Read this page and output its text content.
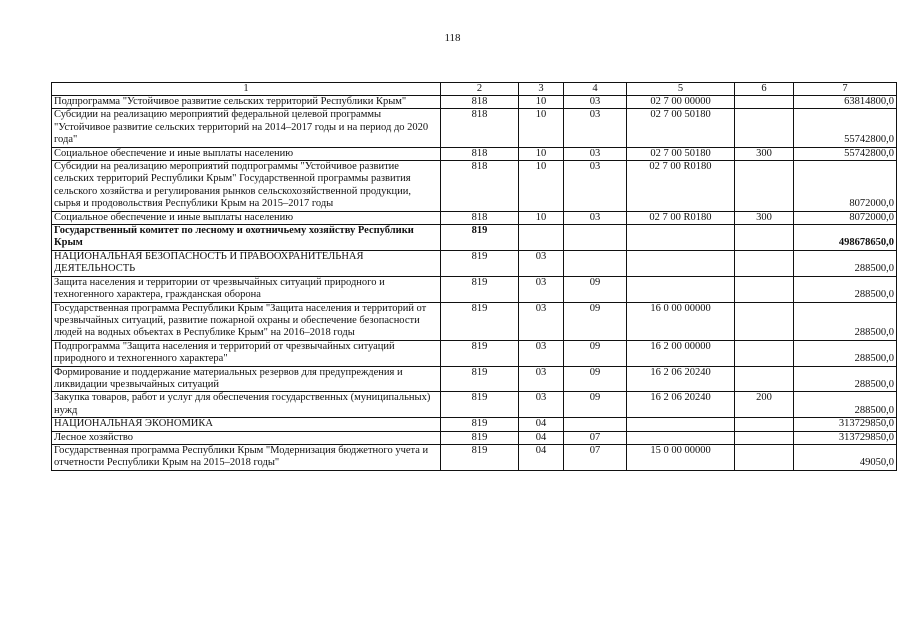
118
1	2	3	4	5	6	7
Подпрограмма "Устойчивое развитие сельских территорий Республики Крым"	818	10	03	02 7 00 00000		63814800,0
Субсидии на реализацию мероприятий федеральной целевой программы "Устойчивое развитие сельских территорий на 2014–2017 годы и на период до 2020 года"	818	10	03	02 7 00 50180		55742800,0
Социальное обеспечение и иные выплаты населению	818	10	03	02 7 00 50180	300	55742800,0
Субсидии на реализацию мероприятий подпрограммы "Устойчивое развитие сельских территорий Республики Крым" Государственной программы развития сельского хозяйства и регулирования рынков сельскохозяйственной продукции, сырья и продовольствия Республики Крым на 2015–2017 годы	818	10	03	02 7 00 R0180		8072000,0
Социальное обеспечение и иные выплаты населению	818	10	03	02 7 00 R0180	300	8072000,0
Государственный комитет по лесному и охотничьему хозяйству Республики Крым	819					498678650,0
НАЦИОНАЛЬНАЯ БЕЗОПАСНОСТЬ И ПРАВООХРАНИТЕЛЬНАЯ ДЕЯТЕЛЬНОСТЬ	819	03				288500,0
Защита населения и территории от чрезвычайных ситуаций природного и техногенного характера, гражданская оборона	819	03	09			288500,0
Государственная программа Республики Крым "Защита населения и территорий от чрезвычайных ситуаций, развитие пожарной охраны и обеспечение безопасности людей на водных объектах в Республике Крым" на 2016–2018 годы	819	03	09	16 0 00 00000		288500,0
Подпрограмма "Защита населения и территорий от чрезвычайных ситуаций природного и техногенного характера"	819	03	09	16 2 00 00000		288500,0
Формирование и поддержание материальных резервов для предупреждения и ликвидации чрезвычайных ситуаций	819	03	09	16 2 06 20240		288500,0
Закупка товаров, работ и услуг для обеспечения государственных (муниципальных) нужд	819	03	09	16 2 06 20240	200	288500,0
НАЦИОНАЛЬНАЯ ЭКОНОМИКА	819	04				313729850,0
Лесное хозяйство	819	04	07			313729850,0
Государственная программа Республики Крым "Модернизация бюджетного учета и отчетности Республики Крым на 2015–2018 годы"	819	04	07	15 0 00 00000		49050,0
